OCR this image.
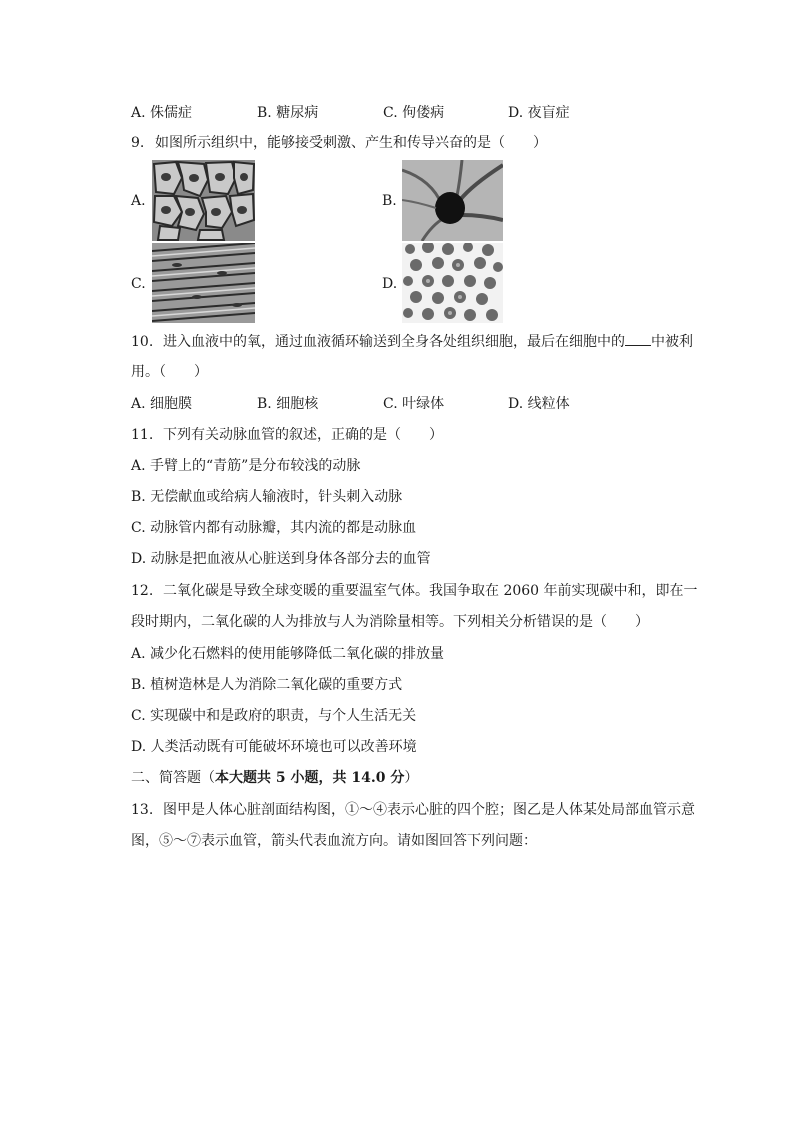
A. 侏儒症	B. 糖尿病	C. 佝偻病	D. 夜盲症
9. 如图所示组织中，能够接受刺激、产生和传导兴奋的是（　　）
A.	B.
C.	D.
10. 进入血液中的氧，通过血液循环输送到全身各处组织细胞，最后在细胞中的 中被利
用。（　　）
A. 细胞膜	B. 细胞核	C. 叶绿体	D. 线粒体
11. 下列有关动脉血管的叙述，正确的是（　　）
A. 手臂上的“青筋”是分布较浅的动脉
B. 无偿献血或给病人输液时，针头刺入动脉
C. 动脉管内都有动脉瓣，其内流的都是动脉血
D. 动脉是把血液从心脏送到身体各部分去的血管
12. 二氧化碳是导致全球变暖的重要温室气体。我国争取在 2060 年前实现碳中和，即在一
段时期内，二氧化碳的人为排放与人为消除量相等。下列相关分析错误的是（　　）
A. 减少化石燃料的使用能够降低二氧化碳的排放量
B. 植树造林是人为消除二氧化碳的重要方式
C. 实现碳中和是政府的职责，与个人生活无关
D. 人类活动既有可能破坏环境也可以改善环境
二、简答题（本大题共 5 小题，共 14.0 分）
13. 图甲是人体心脏剖面结构图，①～④表示心脏的四个腔；图乙是人体某处局部血管示意
图，⑤～⑦表示血管，箭头代表血流方向。请如图回答下列问题：
